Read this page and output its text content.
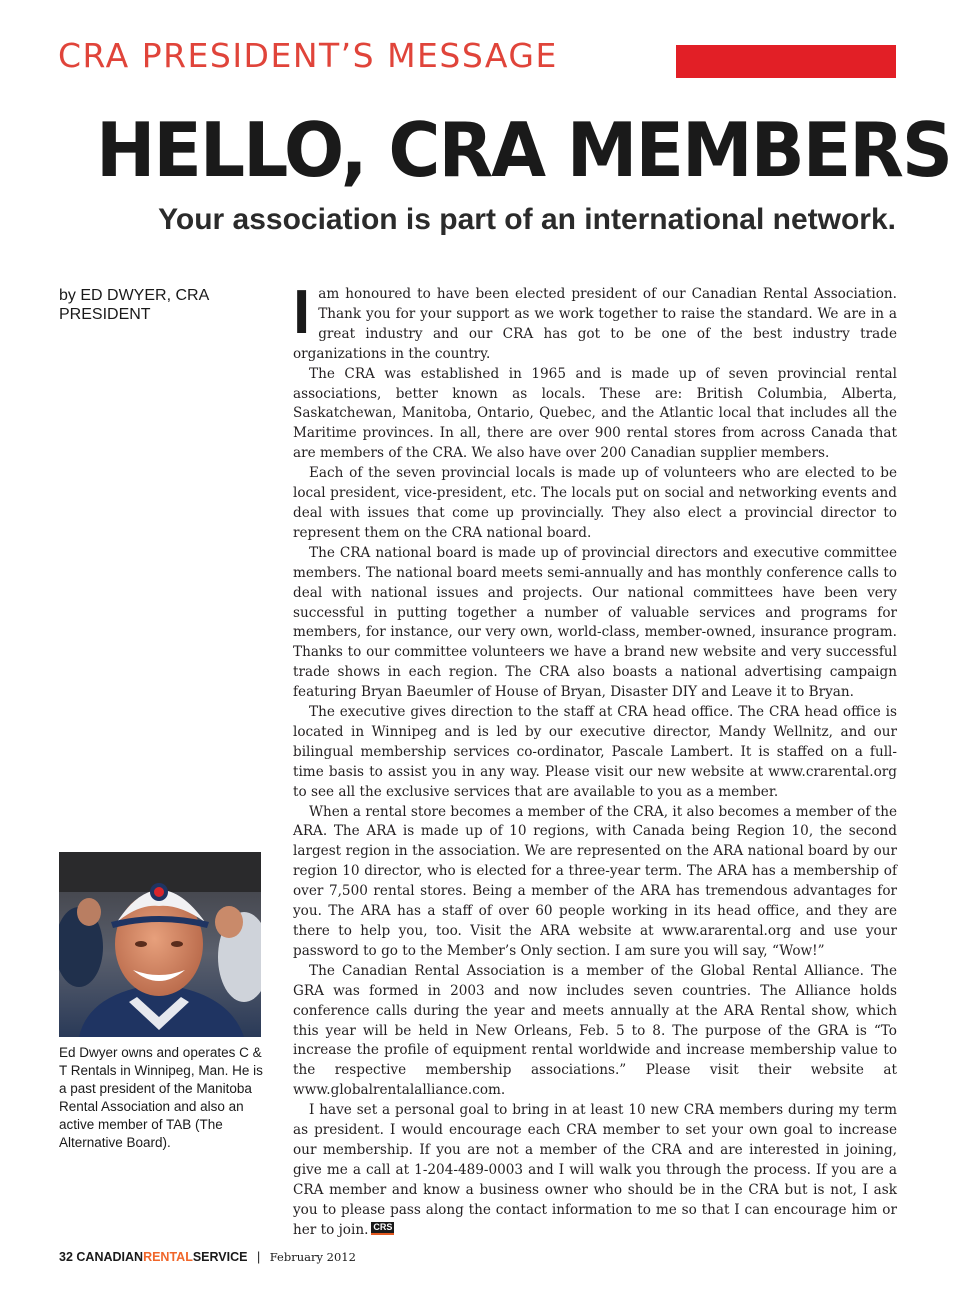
CRA PRESIDENT’S MESSAGE
HELLO, CRA MEMBERS
Your association is part of an international network.
by ED DWYER, CRA
PRESIDENT
Ed Dwyer owns and operates C & T Rentals in Winnipeg, Man. He is a past president of the Manitoba Rental Association and also an active member of TAB (The Alternative Board).

Iam honoured to have been elected president of our Canadian Rental Association. Thank you for your support as we work together to raise the standard. We are in a great industry and our CRA has got to be one of the best industry trade organizations in the country.

The CRA was established in 1965 and is made up of seven provincial rental associations, better known as locals. These are: British Columbia, Alberta, Saskatchewan, Manitoba, Ontario, Quebec, and the Atlantic local that includes all the Maritime provinces. In all, there are over 900 rental stores from across Canada that are members of the CRA. We also have over 200 Canadian supplier members.

Each of the seven provincial locals is made up of volunteers who are elected to be local president, vice-president, etc. The locals put on social and networking events and deal with issues that come up provincially. They also elect a provincial director to represent them on the CRA national board.

The CRA national board is made up of provincial directors and executive committee members. The national board meets semi-annually and has monthly conference calls to deal with national issues and projects. Our national committees have been very successful in putting together a number of valuable services and programs for members, for instance, our very own, world-class, member-owned, insurance program. Thanks to our committee volunteers we have a brand new website and very successful trade shows in each region. The CRA also boasts a national advertising campaign featuring Bryan Baeumler of House of Bryan, Disaster DIY and Leave it to Bryan.

The executive gives direction to the staff at CRA head office. The CRA head office is located in Winnipeg and is led by our executive director, Mandy Wellnitz, and our bilingual membership services co-ordinator, Pascale Lambert. It is staffed on a full-time basis to assist you in any way. Please visit our new website at www.crarental.org to see all the exclusive services that are available to you as a member.

When a rental store becomes a member of the CRA, it also becomes a member of the ARA. The ARA is made up of 10 regions, with Canada being Region 10, the second largest region in the association. We are represented on the ARA national board by our region 10 director, who is elected for a three-year term. The ARA has a membership of over 7,500 rental stores. Being a member of the ARA has tremendous advantages for you. The ARA has a staff of over 60 people working in its head office, and they are there to help you, too. Visit the ARA website at www.ararental.org and use your password to go to the Member’s Only section. I am sure you will say, “Wow!”

The Canadian Rental Association is a member of the Global Rental Alliance. The GRA was formed in 2003 and now includes seven countries. The Alliance holds conference calls during the year and meets annually at the ARA Rental show, which this year will be held in New Orleans, Feb. 5 to 8. The purpose of the GRA is “To increase the profile of equipment rental worldwide and increase membership value to the respective membership associations.” Please visit their website at www.globalrentalalliance.com.

I have set a personal goal to bring in at least 10 new CRA members during my term as president. I would encourage each CRA member to set your own goal to increase our membership. If you are not a member of the CRA and are interested in joining, give me a call at 1-204-489-0003 and I will walk you through the process. If you are a CRA member and know a business owner who should be in the CRA but is not, I ask you to please pass along the contact information to me so that I can encourage him or her to join. CRS

32 CANADIANRENTALSERVICE | February 2012
